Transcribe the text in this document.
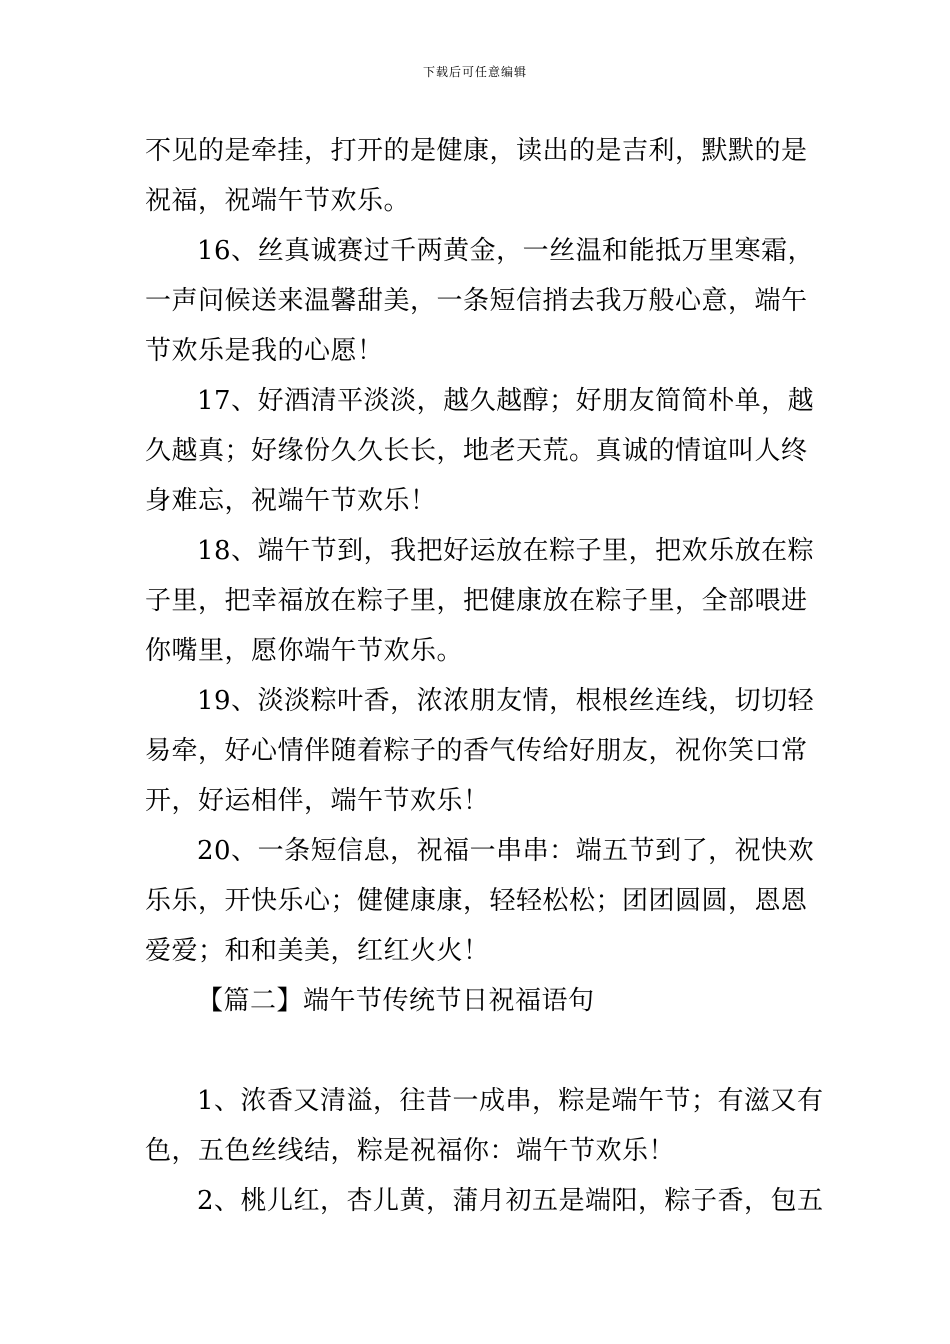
下载后可任意编辑
不见的是牵挂，打开的是健康，读出的是吉利，默默的是
祝福，祝端午节欢乐。
16、丝真诚赛过千两黄金，一丝温和能抵万里寒霜，
一声问候送来温馨甜美，一条短信捎去我万般心意，端午
节欢乐是我的心愿！
17、好酒清平淡淡，越久越醇；好朋友简简朴单，越
久越真；好缘份久久长长，地老天荒。真诚的情谊叫人终
身难忘，祝端午节欢乐！
18、端午节到，我把好运放在粽子里，把欢乐放在粽
子里，把幸福放在粽子里，把健康放在粽子里，全部喂进
你嘴里，愿你端午节欢乐。
19、淡淡粽叶香，浓浓朋友情，根根丝连线，切切轻
易牵，好心情伴随着粽子的香气传给好朋友，祝你笑口常
开，好运相伴，端午节欢乐！
20、一条短信息，祝福一串串：端五节到了，祝快欢
乐乐，开快乐心；健健康康，轻轻松松；团团圆圆，恩恩
爱爱；和和美美，红红火火！
【篇二】端午节传统节日祝福语句
1、浓香又清溢，往昔一成串，粽是端午节；有滋又有
色，五色丝线结，粽是祝福你：端午节欢乐！
2、桃儿红，杏儿黄，蒲月初五是端阳，粽子香，包五
